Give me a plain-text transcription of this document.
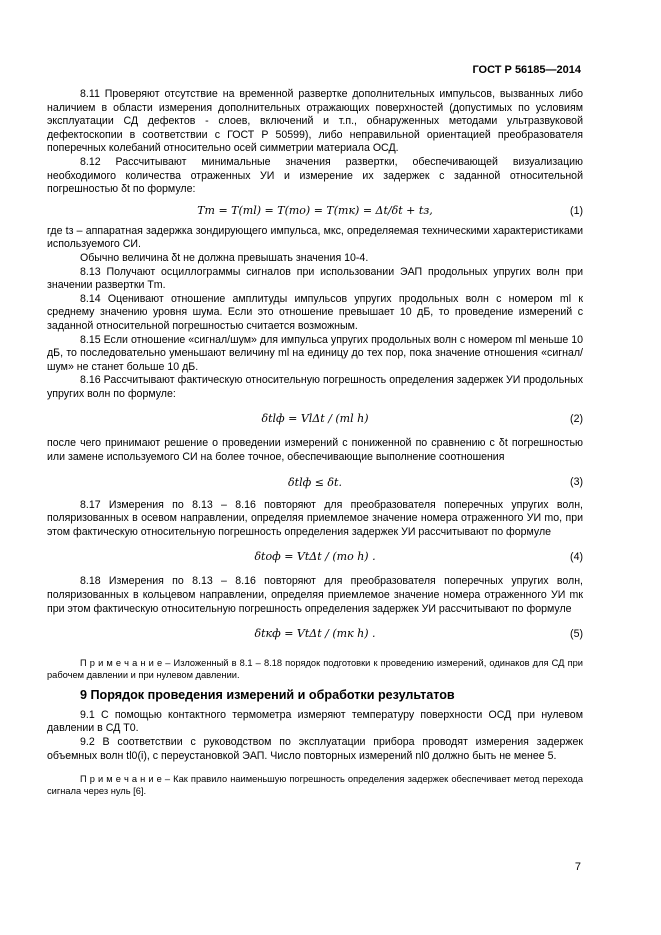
ГОСТ Р 56185—2014

8.11 Проверяют отсутствие на временной развертке дополнительных импульсов, вызванных либо наличием в области измерения дополнительных отражающих поверхностей (допустимых по условиям эксплуатации СД дефектов - слоев, включений и т.п., обнаруженных методами ультразвуковой дефектоскопии в соответствии с ГОСТ Р 50599), либо неправильной ориентацией преобразователя поперечных колебаний относительно осей симметрии материала ОСД.

8.12 Рассчитывают минимальные значения развертки, обеспечивающей визуализацию необходимого количества отраженных УИ и измерение их задержек с заданной относительной погрешностью δt по формуле:

Tm = T(ml) = T(mо) = T(mк) = Δt/δt + tз,	(1)

где tз – аппаратная задержка зондирующего импульса, мкс, определяемая техническими характеристиками используемого СИ.

Обычно величина δt не должна превышать значения 10-4.

8.13 Получают осциллограммы сигналов при использовании ЭАП продольных упругих волн при значении развертки Tm.

8.14 Оценивают отношение амплитуды импульсов упругих продольных волн с номером ml к среднему значению уровня шума. Если это отношение превышает 10 дБ, то проведение измерений с заданной относительной погрешностью считается возможным.

8.15 Если отношение «сигнал/шум» для импульса упругих продольных волн с номером ml меньше 10 дБ, то последовательно уменьшают величину ml на единицу до тех пор, пока значение отношения «сигнал/шум» не станет больше 10 дБ.

8.16 Рассчитывают фактическую относительную погрешность определения задержек УИ продольных упругих волн по формуле:

δtlф = VlΔt / (ml h)	(2)

после чего принимают решение о проведении измерений с пониженной по сравнению с δt погрешностью или замене используемого СИ на более точное, обеспечивающие выполнение соотношения

δtlф ≤ δt.	(3)

8.17 Измерения по 8.13 – 8.16 повторяют для преобразователя поперечных упругих волн, поляризованных в осевом направлении, определяя приемлемое значение номера отраженного УИ mо, при этом фактическую относительную погрешность определения задержек УИ рассчитывают по формуле

δtоф = VtΔt / (mо h) .	(4)

8.18 Измерения по 8.13 – 8.16 повторяют для преобразователя поперечных упругих волн, поляризованных в кольцевом направлении, определяя приемлемое значение номера отраженного УИ mк при этом фактическую относительную погрешность определения задержек УИ рассчитывают по формуле

δtкф = VtΔt / (mк h) .	(5)

П р и м е ч а н и е – Изложенный в 8.1 – 8.18 порядок подготовки к проведению измерений, одинаков для СД при рабочем давлении и при нулевом давлении.

9 Порядок проведения измерений и обработки результатов

9.1 С помощью контактного термометра измеряют температуру поверхности ОСД при нулевом давлении в СД T0.

9.2 В соответствии с руководством по эксплуатации прибора проводят измерения задержек объемных волн tl0(i), с переустановкой ЭАП. Число повторных измерений nl0 должно быть не менее 5.

П р и м е ч а н и е – Как правило наименьшую погрешность определения задержек обеспечивает метод перехода сигнала через нуль [6].

7
